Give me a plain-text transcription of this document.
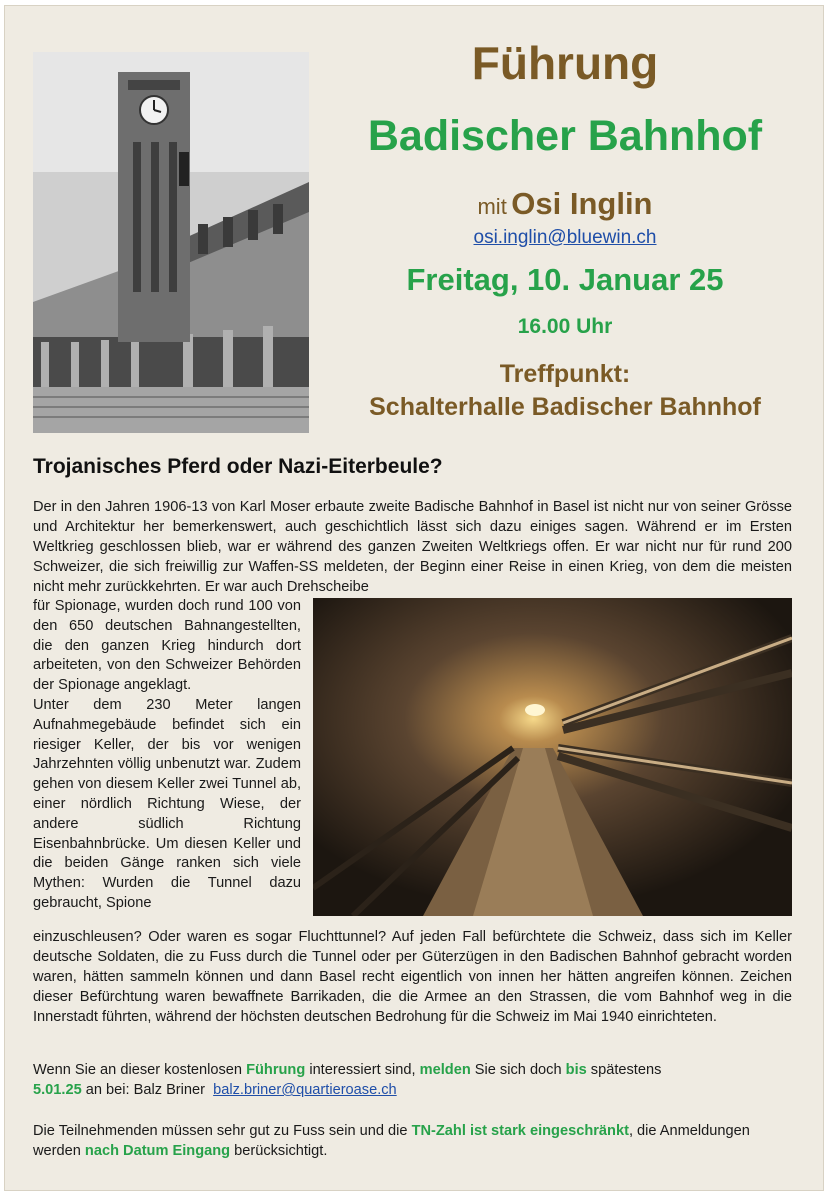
Führung
Badischer Bahnhof
mit Osi Inglin
osi.inglin@bluewin.ch
Freitag, 10. Januar 25
16.00 Uhr
Treffpunkt:
Schalterhalle Badischer Bahnhof
Trojanisches Pferd oder Nazi-Eiterbeule?
Der in den Jahren 1906-13 von Karl Moser erbaute zweite Badische Bahnhof in Basel ist nicht nur von seiner Grösse und Architektur her bemerkenswert, auch geschichtlich lässt sich dazu einiges sagen. Während er im Ersten Weltkrieg geschlossen blieb, war er während des ganzen Zweiten Weltkriegs offen. Er war nicht nur für rund 200 Schweizer, die sich freiwillig zur Waffen-SS meldeten, der Beginn einer Reise in einen Krieg, von dem die meisten nicht mehr zurückkehrten. Er war auch Drehscheibe
für Spionage, wurden doch rund 100 von den 650 deutschen Bahnangestellten, die den ganzen Krieg hindurch dort arbeiteten, von den Schweizer Behörden der Spionage angeklagt.
Unter dem 230 Meter langen Aufnahmegebäude befindet sich ein riesiger Keller, der bis vor wenigen Jahrzehnten völlig unbenutzt war. Zudem gehen von diesem Keller zwei Tunnel ab, einer nördlich Richtung Wiese, der andere südlich Richtung Eisenbahnbrücke. Um diesen Keller und die beiden Gänge ranken sich viele Mythen: Wurden die Tunnel dazu gebraucht, Spione
einzuschleusen? Oder waren es sogar Fluchttunnel? Auf jeden Fall befürchtete die Schweiz, dass sich im Keller deutsche Soldaten, die zu Fuss durch die Tunnel oder per Güterzügen in den Badischen Bahnhof gebracht worden waren, hätten sammeln können und dann Basel recht eigentlich von innen her hätten angreifen können. Zeichen dieser Befürchtung waren bewaffnete Barrikaden, die die Armee an den Strassen, die vom Bahnhof weg in die Innerstadt führten, während der höchsten deutschen Bedrohung für die Schweiz im Mai 1940 einrichteten.
Wenn Sie an dieser kostenlosen Führung interessiert sind, melden Sie sich doch bis spätestens
5.01.25 an bei: Balz Briner  balz.briner@quartieroase.ch
Die Teilnehmenden müssen sehr gut zu Fuss sein und die TN-Zahl ist stark eingeschränkt, die Anmeldungen werden nach Datum Eingang berücksichtigt.
